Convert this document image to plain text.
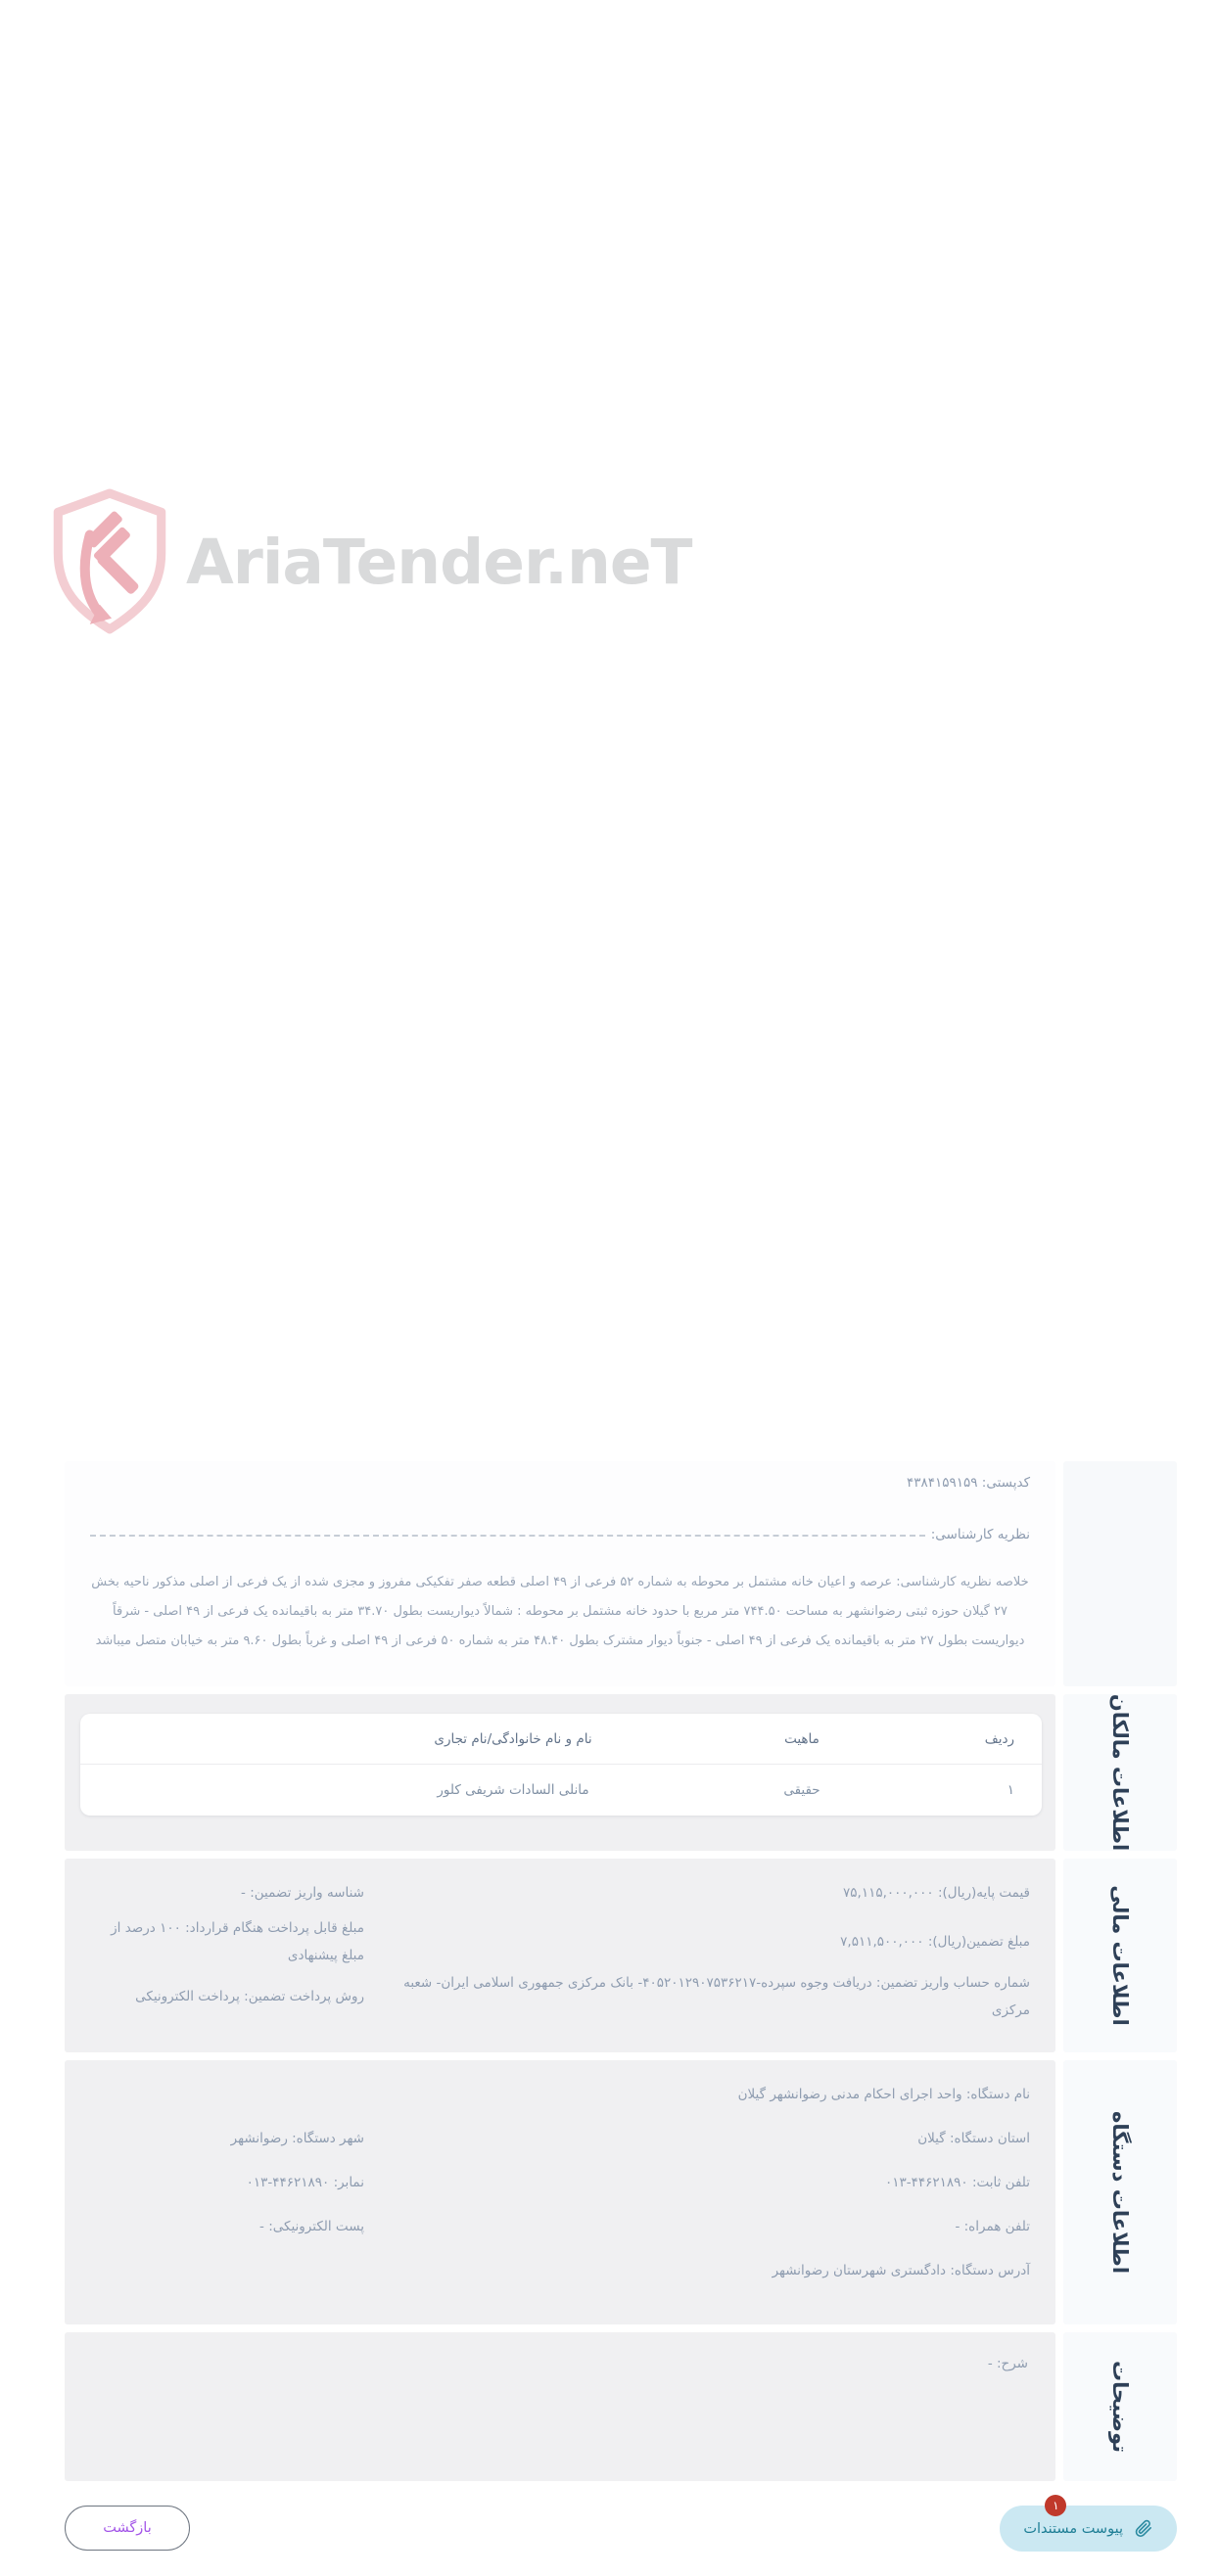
AriaTender.neT
کدپستی: ۴۳۸۴۱۵۹۱۵۹
نظریه کارشناسی:

خلاصه نظریه کارشناسی: عرصه و اعیان خانه مشتمل بر محوطه به شماره ۵۲ فرعی از ۴۹ اصلی قطعه صفر تفکیکی مفروز و مجزی شده از یک فرعی از اصلی مذکور ناحیه بخش ۲۷ گیلان حوزه ثبتی رضوانشهر به مساحت ۷۴۴.۵۰ متر مربع با حدود خانه مشتمل بر محوطه : شمالاً دیواریست بطول ۳۴.۷۰ متر به باقیمانده یک فرعی از ۴۹ اصلی - شرقاً دیواریست بطول ۲۷ متر به باقیمانده یک فرعی از ۴۹ اصلی - جنوباً دیوار مشترک بطول ۴۸.۴۰ متر به شماره ۵۰ فرعی از ۴۹ اصلی و غرباً بطول ۹.۶۰ متر به خیابان متصل میباشد

اطلاعات مالکان
ردیف
ماهیت
نام و نام خانوادگی/نام تجاری
۱
حقیقی
مانلی السادات شریفی کلور
اطلاعات مالی
قیمت پایه(ریال): ۷۵,۱۱۵,۰۰۰,۰۰۰
شناسه واریز تضمین: -
مبلغ تضمین(ریال): ۷,۵۱۱,۵۰۰,۰۰۰
مبلغ قابل پرداخت هنگام قرارداد: ۱۰۰ درصد از مبلغ پیشنهادی
شماره حساب واریز تضمین: دریافت وجوه سپرده-۴۰۵۲۰۱۲۹۰۷۵۳۶۲۱۷- بانک مرکزی جمهوری اسلامی ایران- شعبه مرکزی
روش پرداخت تضمین: پرداخت الکترونیکی
اطلاعات دستگاه
نام دستگاه: واحد اجرای احکام مدنی رضوانشهر گیلان
استان دستگاه: گیلان
شهر دستگاه: رضوانشهر
تلفن ثابت: ۰۱۳-۴۴۶۲۱۸۹۰
نمابر: ۰۱۳-۴۴۶۲۱۸۹۰
تلفن همراه: -
پست الکترونیکی: -
آدرس دستگاه: دادگستری شهرستان رضوانشهر
توضیحات
شرح: -
۱
پیوست مستندات
بازگشت
